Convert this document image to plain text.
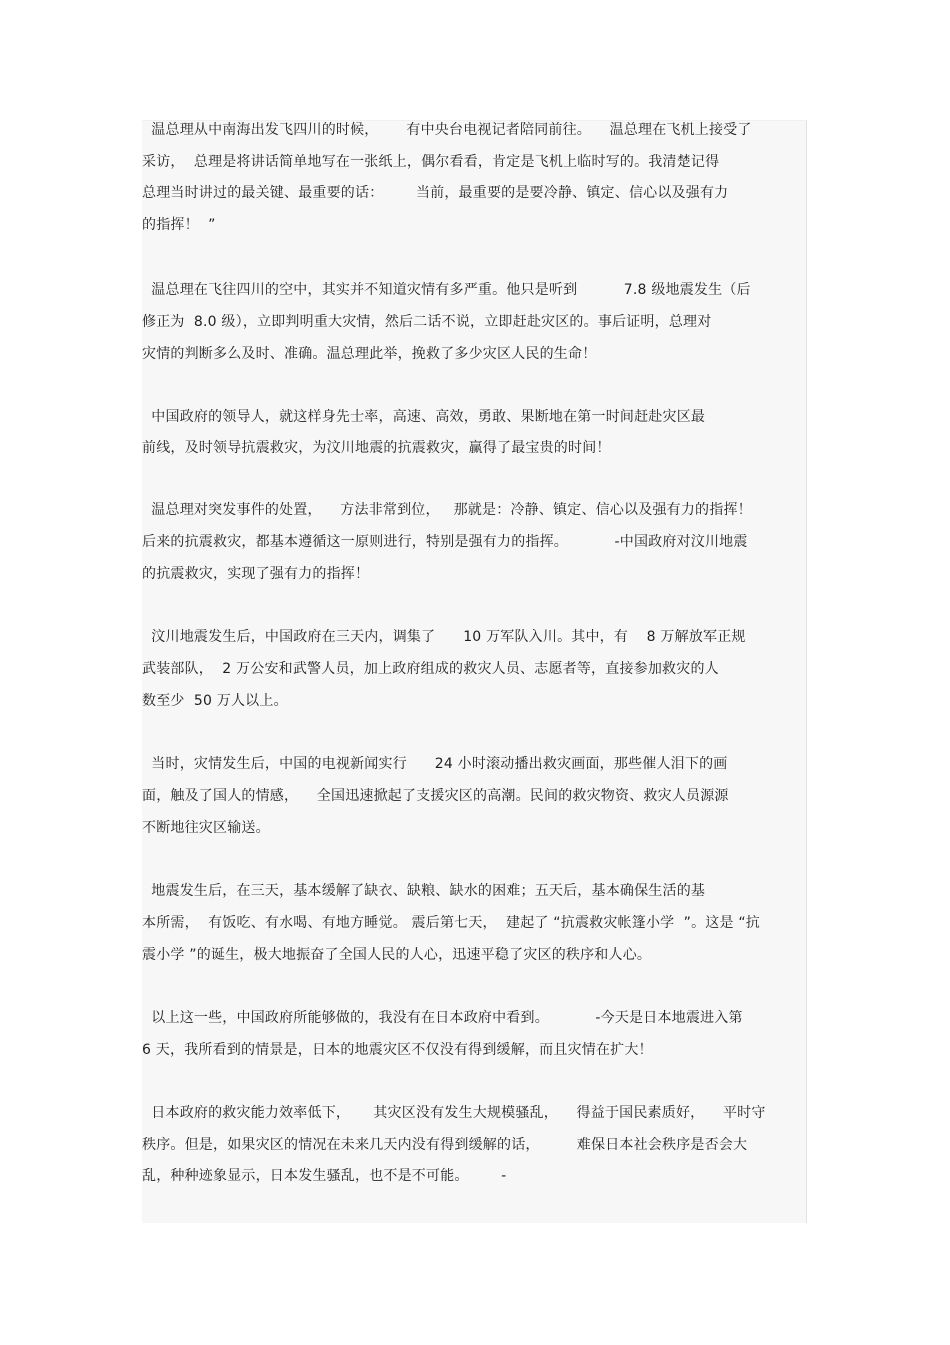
温总理从中南海出发飞四川的时候，      有中央台电视记者陪同前往。    温总理在飞机上接受了
采访，  总理是将讲话简单地写在一张纸上，偶尔看看，肯定是飞机上临时写的。我清楚记得
总理当时讲过的最关键、最重要的话：       当前，最重要的是要冷静、镇定、信心以及强有力
的指挥！  ”
温总理在飞往四川的空中，其实并不知道灾情有多严重。他只是听到          7.8 级地震发生（后
修正为  8.0 级），立即判明重大灾情，然后二话不说，立即赶赴灾区的。事后证明，总理对
灾情的判断多么及时、准确。温总理此举，挽救了多少灾区人民的生命！
中国政府的领导人，就这样身先士率，高速、高效，勇敢、果断地在第一时间赶赴灾区最
前线，及时领导抗震救灾，为汶川地震的抗震救灾，赢得了最宝贵的时间！
温总理对突发事件的处置，    方法非常到位，   那就是：冷静、镇定、信心以及强有力的指挥！
后来的抗震救灾，都基本遵循这一原则进行，特别是强有力的指挥。          -中国政府对汶川地震
的抗震救灾，实现了强有力的指挥！
汶川地震发生后，中国政府在三天内，调集了      10 万军队入川。其中，有    8 万解放军正规
武装部队，  2 万公安和武警人员，加上政府组成的救灾人员、志愿者等，直接参加救灾的人
数至少  50 万人以上。
当时，灾情发生后，中国的电视新闻实行      24 小时滚动播出救灾画面，那些催人泪下的画
面，触及了国人的情感，    全国迅速掀起了支援灾区的高潮。民间的救灾物资、救灾人员源源
不断地往灾区输送。
地震发生后，在三天，基本缓解了缺衣、缺粮、缺水的困难；五天后，基本确保生活的基
本所需，  有饭吃、有水喝、有地方睡觉。 震后第七天，  建起了 “抗震救灾帐篷小学  ”。这是 “抗
震小学 ”的诞生，极大地振奋了全国人民的人心，迅速平稳了灾区的秩序和人心。
以上这一些，中国政府所能够做的，我没有在日本政府中看到。          -今天是日本地震进入第
6 天，我所看到的情景是，日本的地震灾区不仅没有得到缓解，而且灾情在扩大！
日本政府的救灾能力效率低下，     其灾区没有发生大规模骚乱，    得益于国民素质好，    平时守
秩序。但是，如果灾区的情况在未来几天内没有得到缓解的话，        难保日本社会秩序是否会大
乱，种种迹象显示，日本发生骚乱，也不是不可能。       -
